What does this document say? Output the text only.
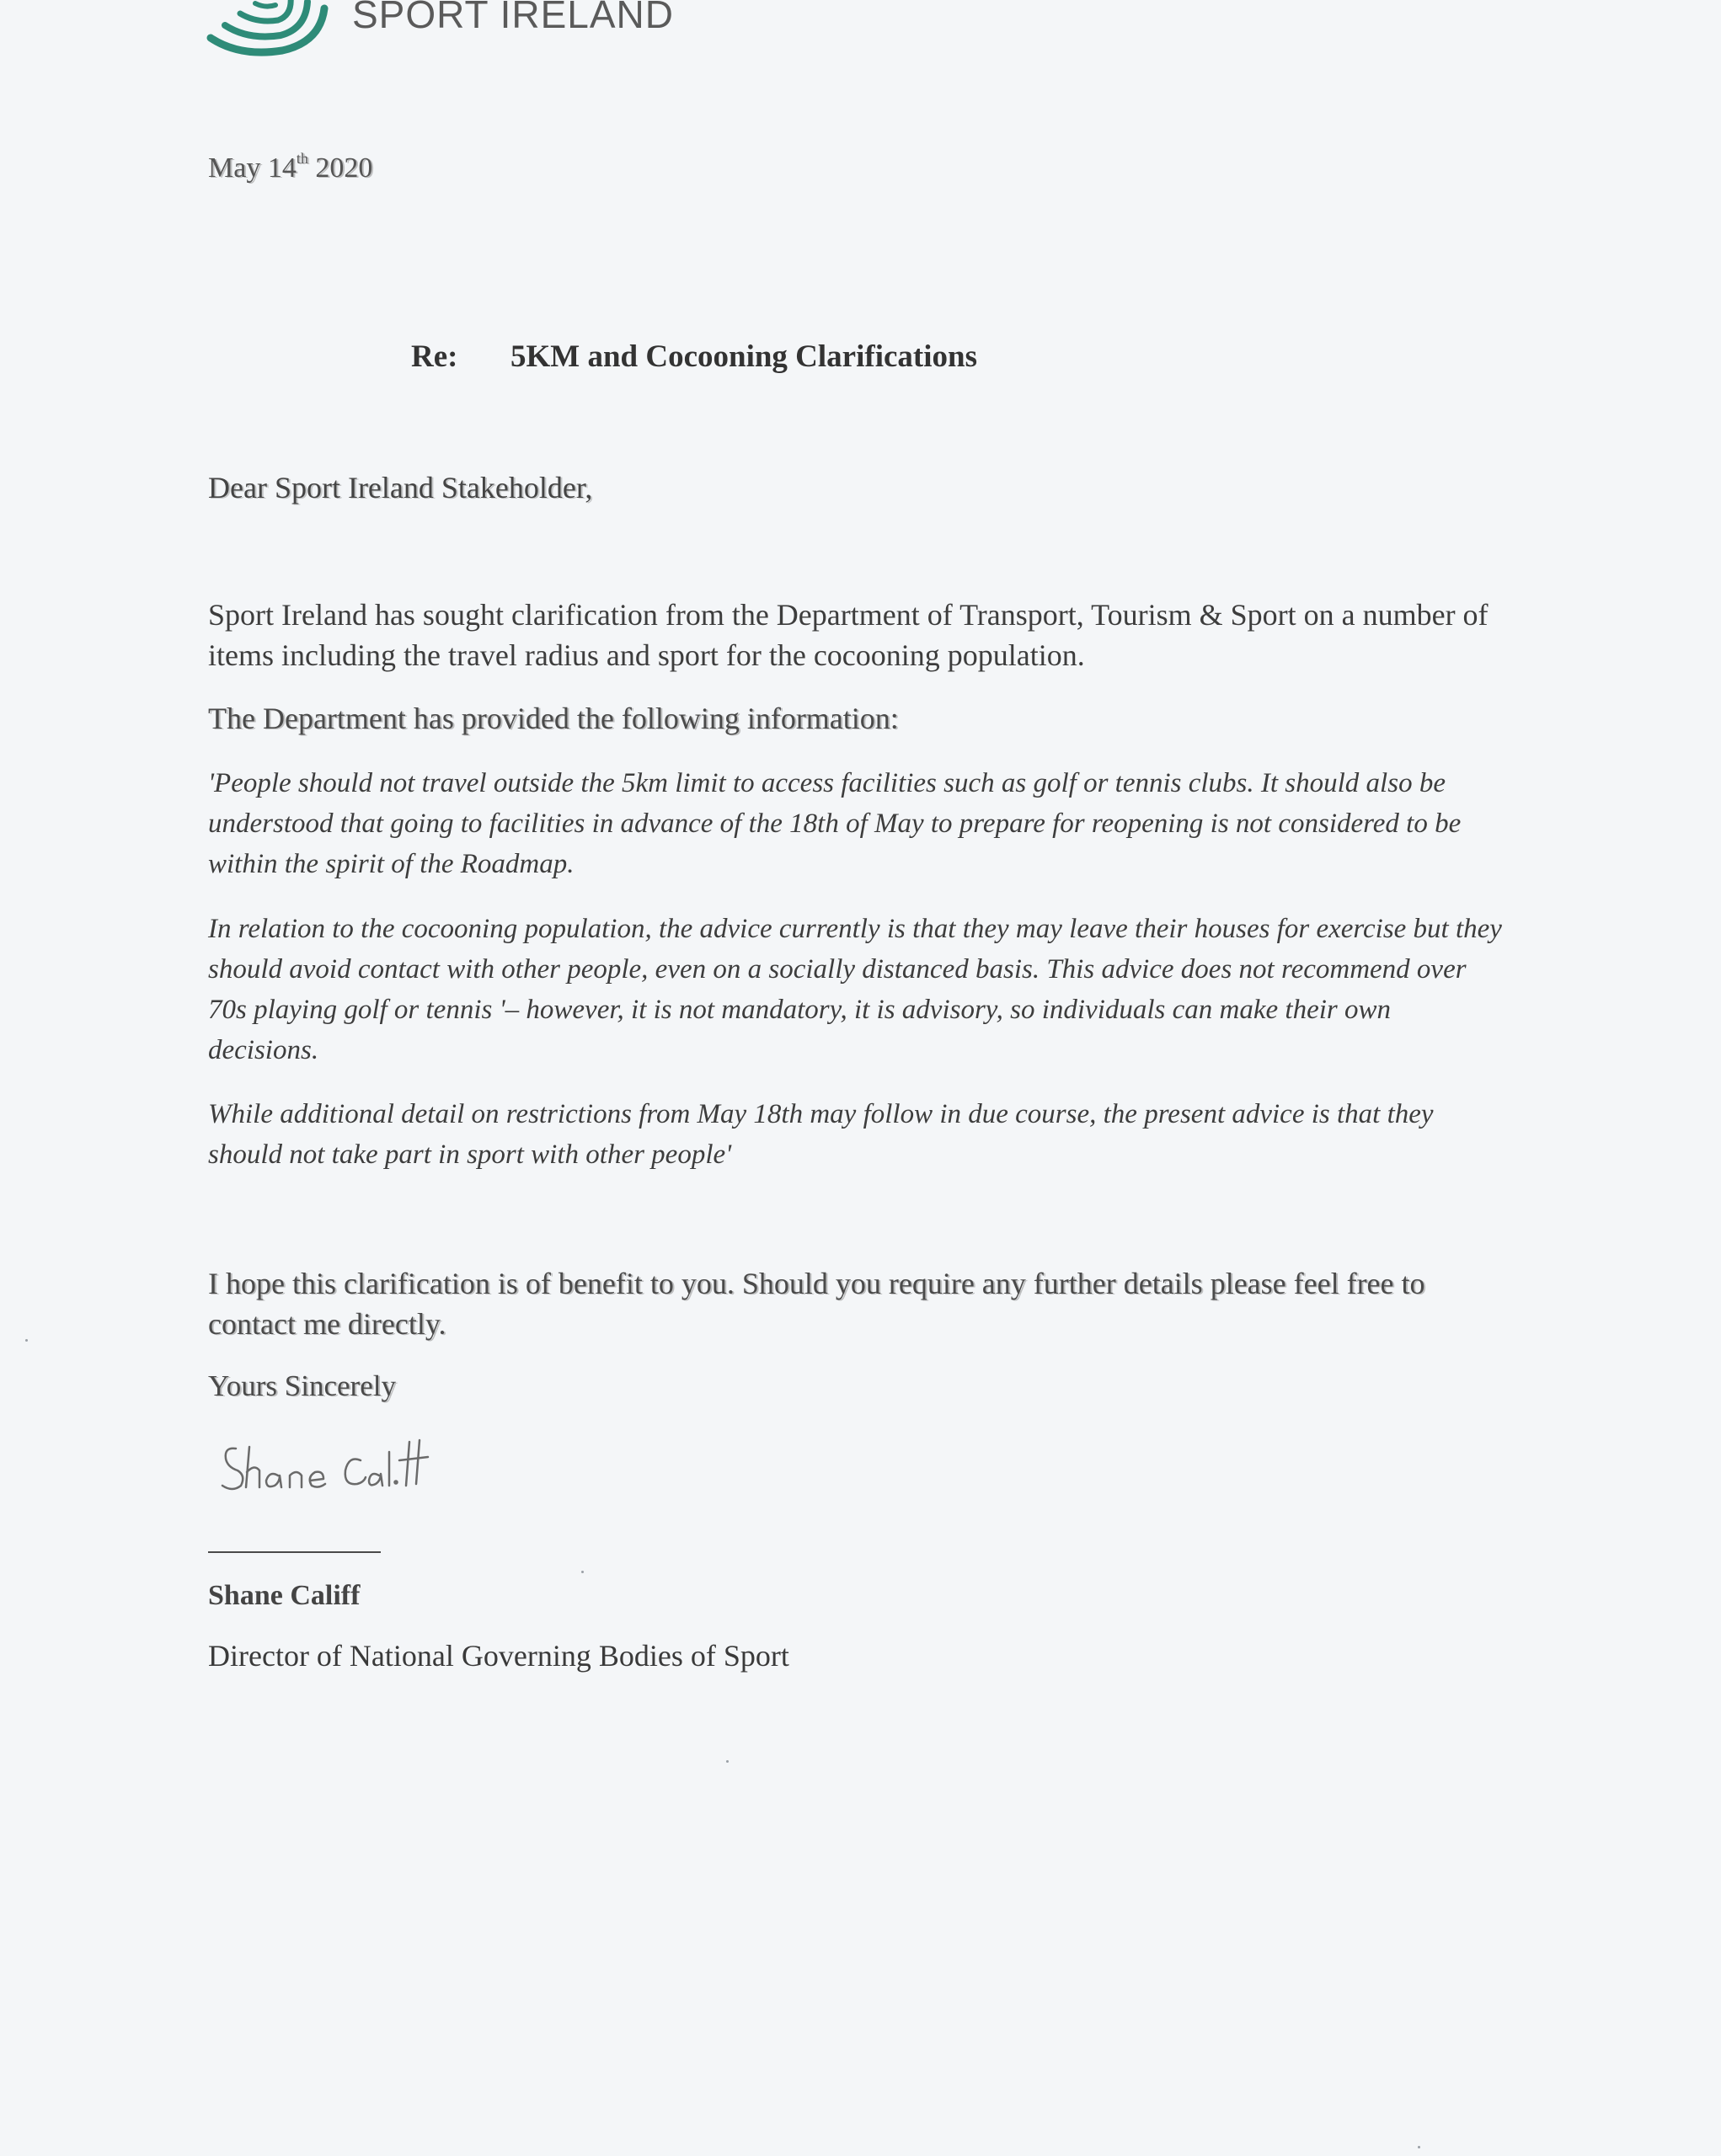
SPORT IRELAND
May 14th 2020
Re: 5KM and Cocooning Clarifications
Dear Sport Ireland Stakeholder,
Sport Ireland has sought clarification from the Department of Transport, Tourism & Sport on a number of items including the travel radius and sport for the cocooning population.
The Department has provided the following information:
'People should not travel outside the 5km limit to access facilities such as golf or tennis clubs. It should also be understood that going to facilities in advance of the 18th of May to prepare for reopening is not considered to be within the spirit of the Roadmap.
In relation to the cocooning population, the advice currently is that they may leave their houses for exercise but they should avoid contact with other people, even on a socially distanced basis. This advice does not recommend over 70s playing golf or tennis '– however, it is not mandatory, it is advisory, so individuals can make their own decisions.
While additional detail on restrictions from May 18th may follow in due course, the present advice is that they should not take part in sport with other people'
I hope this clarification is of benefit to you. Should you require any further details please feel free to contact me directly.
Yours Sincerely
Shane Califf
Director of National Governing Bodies of Sport
